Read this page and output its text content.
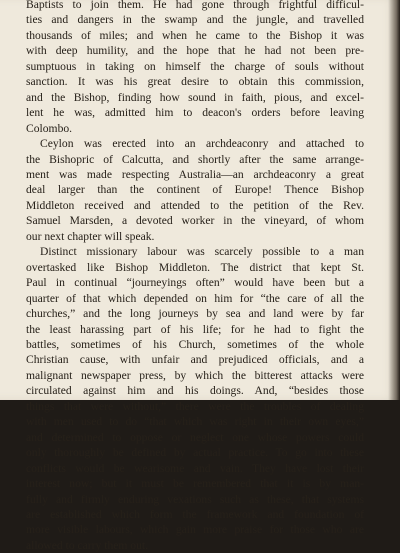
Baptists to join them. He had gone through frightful difficul-
ties and dangers in the swamp and the jungle, and travelled
thousands of miles; and when he came to the Bishop it was
with deep humility, and the hope that he had not been pre-
sumptuous in taking on himself the charge of souls without
sanction. It was his great desire to obtain this commission,
and the Bishop, finding how sound in faith, pious, and excel-
lent he was, admitted him to deacon's orders before leaving
Colombo.
Ceylon was erected into an archdeaconry and attached to
the Bishopric of Calcutta, and shortly after the same arrange-
ment was made respecting Australia—an archdeaconry a great
deal larger than the continent of Europe! Thence Bishop
Middleton received and attended to the petition of the Rev.
Samuel Marsden, a devoted worker in the vineyard, of whom
our next chapter will speak.
Distinct missionary labour was scarcely possible to a man
overtasked like Bishop Middleton. The district that kept St.
Paul in continual “journeyings often” would have been but a
quarter of that which depended on him for “the care of all the
churches,” and the long journeys by sea and land were by far
the least harassing part of his life; for he had to fight the
battles, sometimes of his Church, sometimes of the whole
Christian cause, with unfair and prejudiced officials, and a
malignant newspaper press, by which the bitterest attacks were
circulated against him and his doings. And, “besides those
things that were without,” there were the troubles of dealing
with men used to do “that which was right in their own eyes,”
and determined to oppose or neglect one whose powers could
only thoroughly be defined by actual practice. To go into these
conflicts would be wearisome and vain. They have lost their
interest now; but it must be remembered that it is by man-
fully and firmly enduring vexations such as these, that systems
are established which form the framework and foundation of
more visible labours, which gain more praise for those who are
allowed to carry them out.
